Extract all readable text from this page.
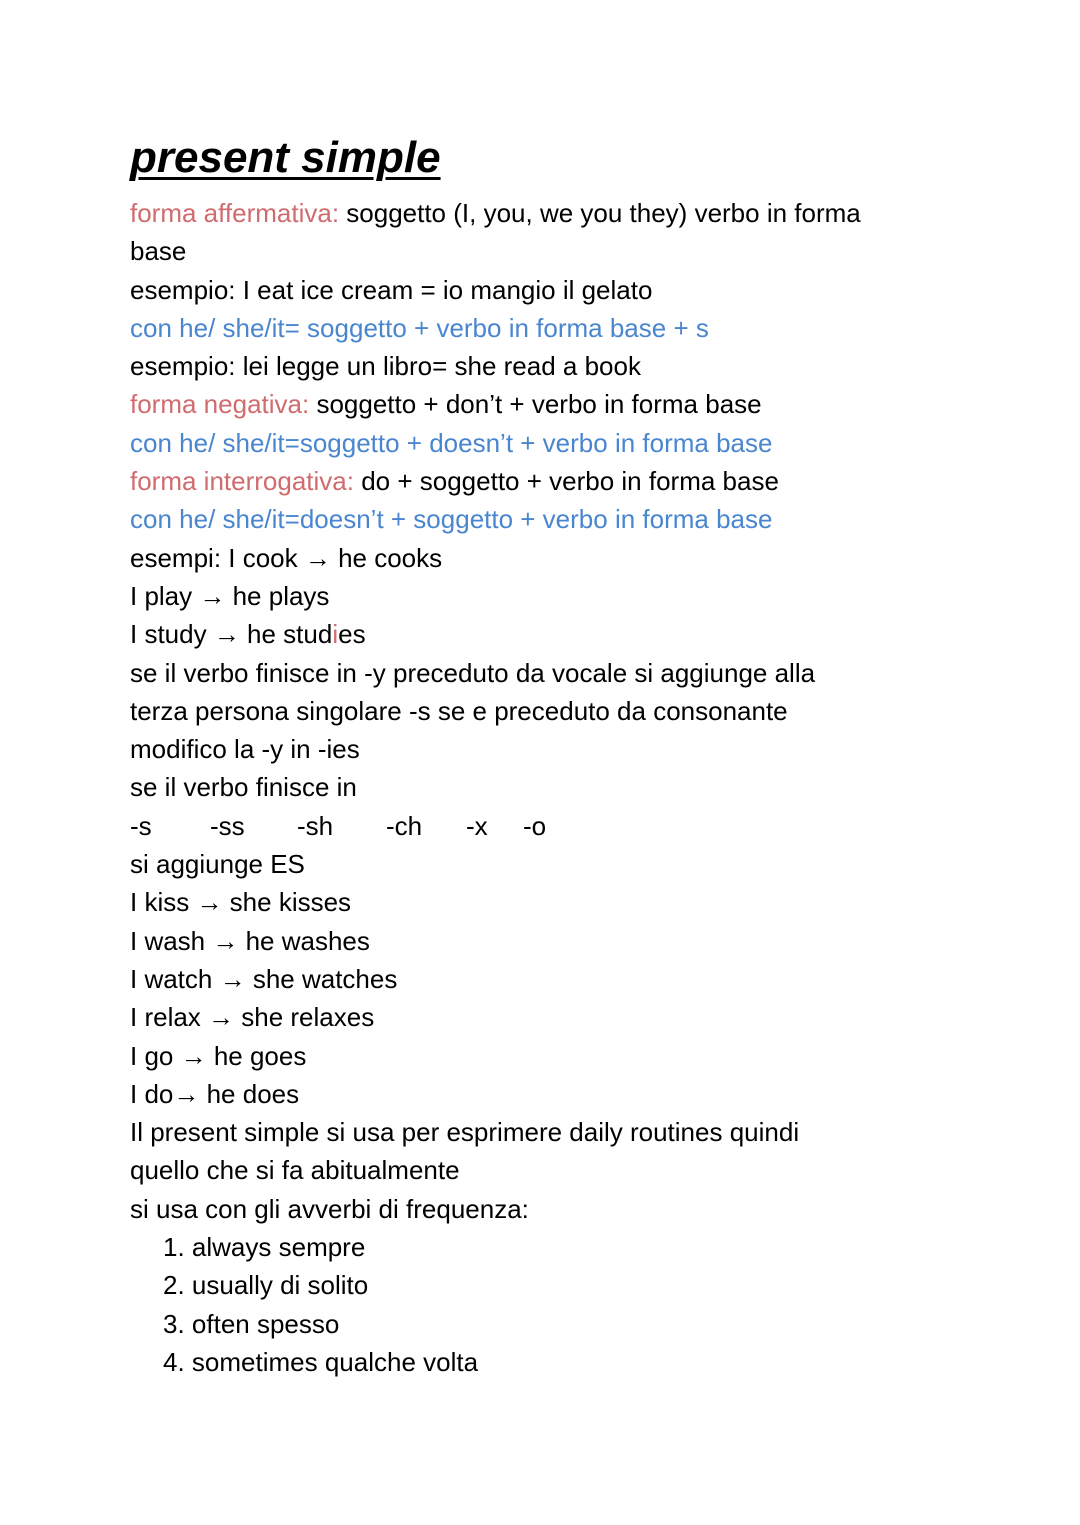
present simple

forma affermativa: soggetto (I, you, we you they) verbo in forma

base

esempio: I eat ice cream = io mangio il gelato

con he/ she/it= soggetto + verbo in forma base + s

esempio: lei legge un libro= she read a book

forma negativa: soggetto + don’t + verbo in forma base

con he/ she/it=soggetto + doesn’t + verbo in forma base

forma interrogativa: do + soggetto + verbo in forma base

con he/ she/it=doesn’t + soggetto + verbo in forma base

esempi: I cook → he cooks

I play → he plays

I study → he studies

se il verbo finisce in -y preceduto da vocale si aggiunge alla

terza persona singolare -s se e preceduto da consonante

modifico la -y in -ies

se il verbo finisce in

-s -ss -sh -ch -x -o

si aggiunge ES

I kiss → she kisses

I wash → he washes

I watch → she watches

I relax → she relaxes

I go → he goes

I do→ he does

Il present simple si usa per esprimere daily routines quindi

quello che si fa abitualmente

si usa con gli avverbi di frequenza:

1. always sempre
2. usually di solito
3. often spesso
4. sometimes qualche volta
